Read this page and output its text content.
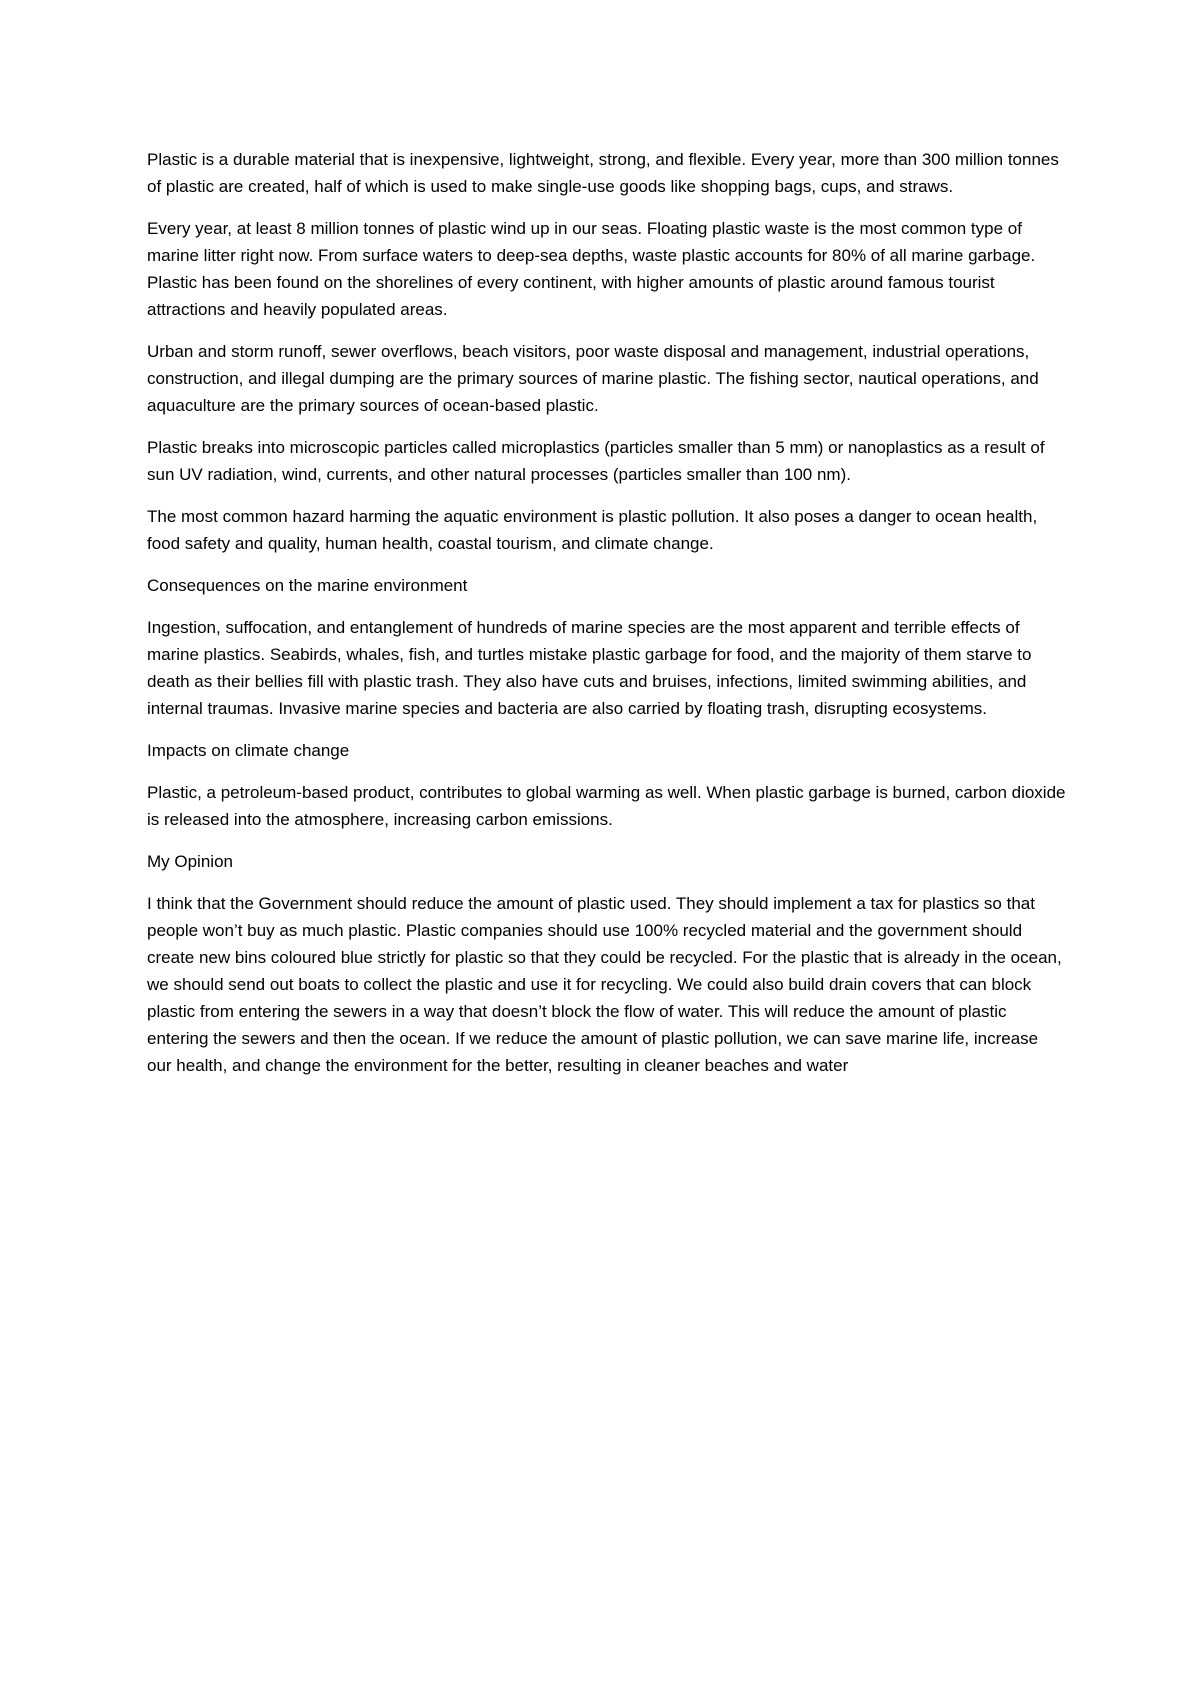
Plastic is a durable material that is inexpensive, lightweight, strong, and flexible. Every year, more than 300 million tonnes of plastic are created, half of which is used to make single-use goods like shopping bags, cups, and straws.

Every year, at least 8 million tonnes of plastic wind up in our seas. Floating plastic waste is the most common type of marine litter right now. From surface waters to deep-sea depths, waste plastic accounts for 80% of all marine garbage. Plastic has been found on the shorelines of every continent, with higher amounts of plastic around famous tourist attractions and heavily populated areas.

Urban and storm runoff, sewer overflows, beach visitors, poor waste disposal and management, industrial operations, construction, and illegal dumping are the primary sources of marine plastic. The fishing sector, nautical operations, and aquaculture are the primary sources of ocean-based plastic.

Plastic breaks into microscopic particles called microplastics (particles smaller than 5 mm) or nanoplastics as a result of sun UV radiation, wind, currents, and other natural processes (particles smaller than 100 nm).

The most common hazard harming the aquatic environment is plastic pollution. It also poses a danger to ocean health, food safety and quality, human health, coastal tourism, and climate change.

Consequences on the marine environment

Ingestion, suffocation, and entanglement of hundreds of marine species are the most apparent and terrible effects of marine plastics. Seabirds, whales, fish, and turtles mistake plastic garbage for food, and the majority of them starve to death as their bellies fill with plastic trash. They also have cuts and bruises, infections, limited swimming abilities, and internal traumas. Invasive marine species and bacteria are also carried by floating trash, disrupting ecosystems.

Impacts on climate change

Plastic, a petroleum-based product, contributes to global warming as well. When plastic garbage is burned, carbon dioxide is released into the atmosphere, increasing carbon emissions.

My Opinion

I think that the Government should reduce the amount of plastic used. They should implement a tax for plastics so that people won’t buy as much plastic. Plastic companies should use 100% recycled material and the government should create new bins coloured blue strictly for plastic so that they could be recycled. For the plastic that is already in the ocean, we should send out boats to collect the plastic and use it for recycling. We could also build drain covers that can block plastic from entering the sewers in a way that doesn’t block the flow of water. This will reduce the amount of plastic entering the sewers and then the ocean. If we reduce the amount of plastic pollution, we can save marine life, increase our health, and change the environment for the better, resulting in cleaner beaches and water
